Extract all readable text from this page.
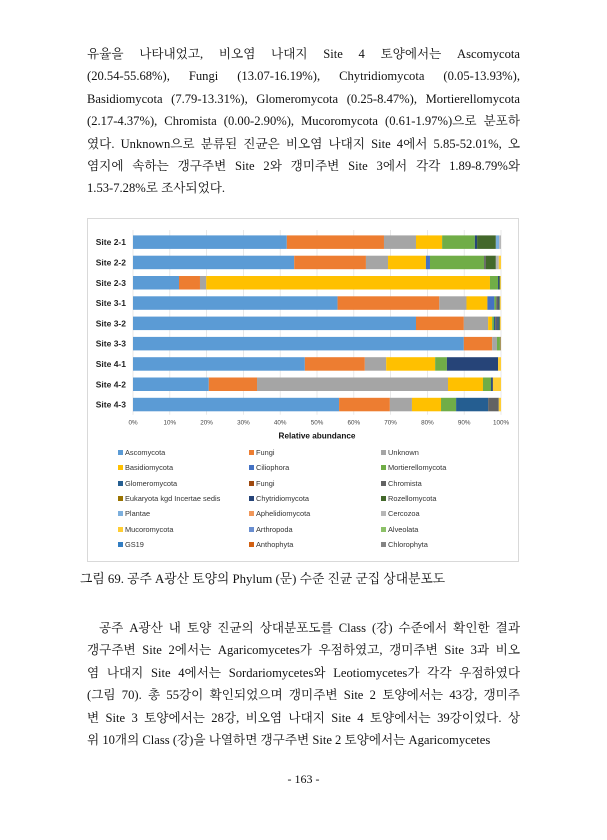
유율을 나타내었고, 비오염 나대지 Site 4 토양에서는 Ascomycota
(20.54-55.68%), Fungi (13.07-16.19%), Chytridiomycota (0.05-13.93%),
Basidiomycota (7.79-13.31%), Glomeromycota (0.25-8.47%), Mortierellomycota
(2.17-4.37%), Chromista (0.00-2.90%), Mucoromycota (0.61-1.97%)으로 분포하
였다. Unknown으로 분류된 진균은 비오염 나대지 Site 4에서 5.85-52.01%, 오
염지에 속하는 갱구주변 Site 2와 갱미주변 Site 3에서 각각 1.89-8.79%와
1.53-7.28%로 조사되었다.
0%	10%	20%	30%	40%	50%	60%	70%	80%	90%	100%
Relative abundance
Site 2-1
Site 2-2
Site 2-3
Site 3-1
Site 3-2
Site 3-3
Site 4-1
Site 4-2
Site 4-3
Ascomycota	Fungi	Unknown
Basidiomycota	Ciliophora	Mortierellomycota
Glomeromycota	Fungi	Chromista
Eukaryota kgd Incertae sedis	Chytridiomycota	Rozellomycota
Plantae	Aphelidiomycota	Cercozoa
Mucoromycota	Arthropoda	Alveolata
GS19	Anthophyta	Chlorophyta
그림 69. 공주 A광산 토양의 Phylum (문) 수준 진균 군집 상대분포도
공주 A광산 내 토양 진균의 상대분포도를 Class (강) 수준에서 확인한 결과
갱구주변 Site 2에서는 Agaricomycetes가 우점하였고, 갱미주변 Site 3과 비오
염 나대지 Site 4에서는 Sordariomycetes와 Leotiomycetes가 각각 우점하였다
(그림 70). 총 55강이 확인되었으며 갱미주변 Site 2 토양에서는 43강, 갱미주
변 Site 3 토양에서는 28강, 비오염 나대지 Site 4 토양에서는 39강이었다. 상
위 10개의 Class (강)을 나열하면 갱구주변 Site 2 토양에서는 Agaricomycetes
- 163 -
